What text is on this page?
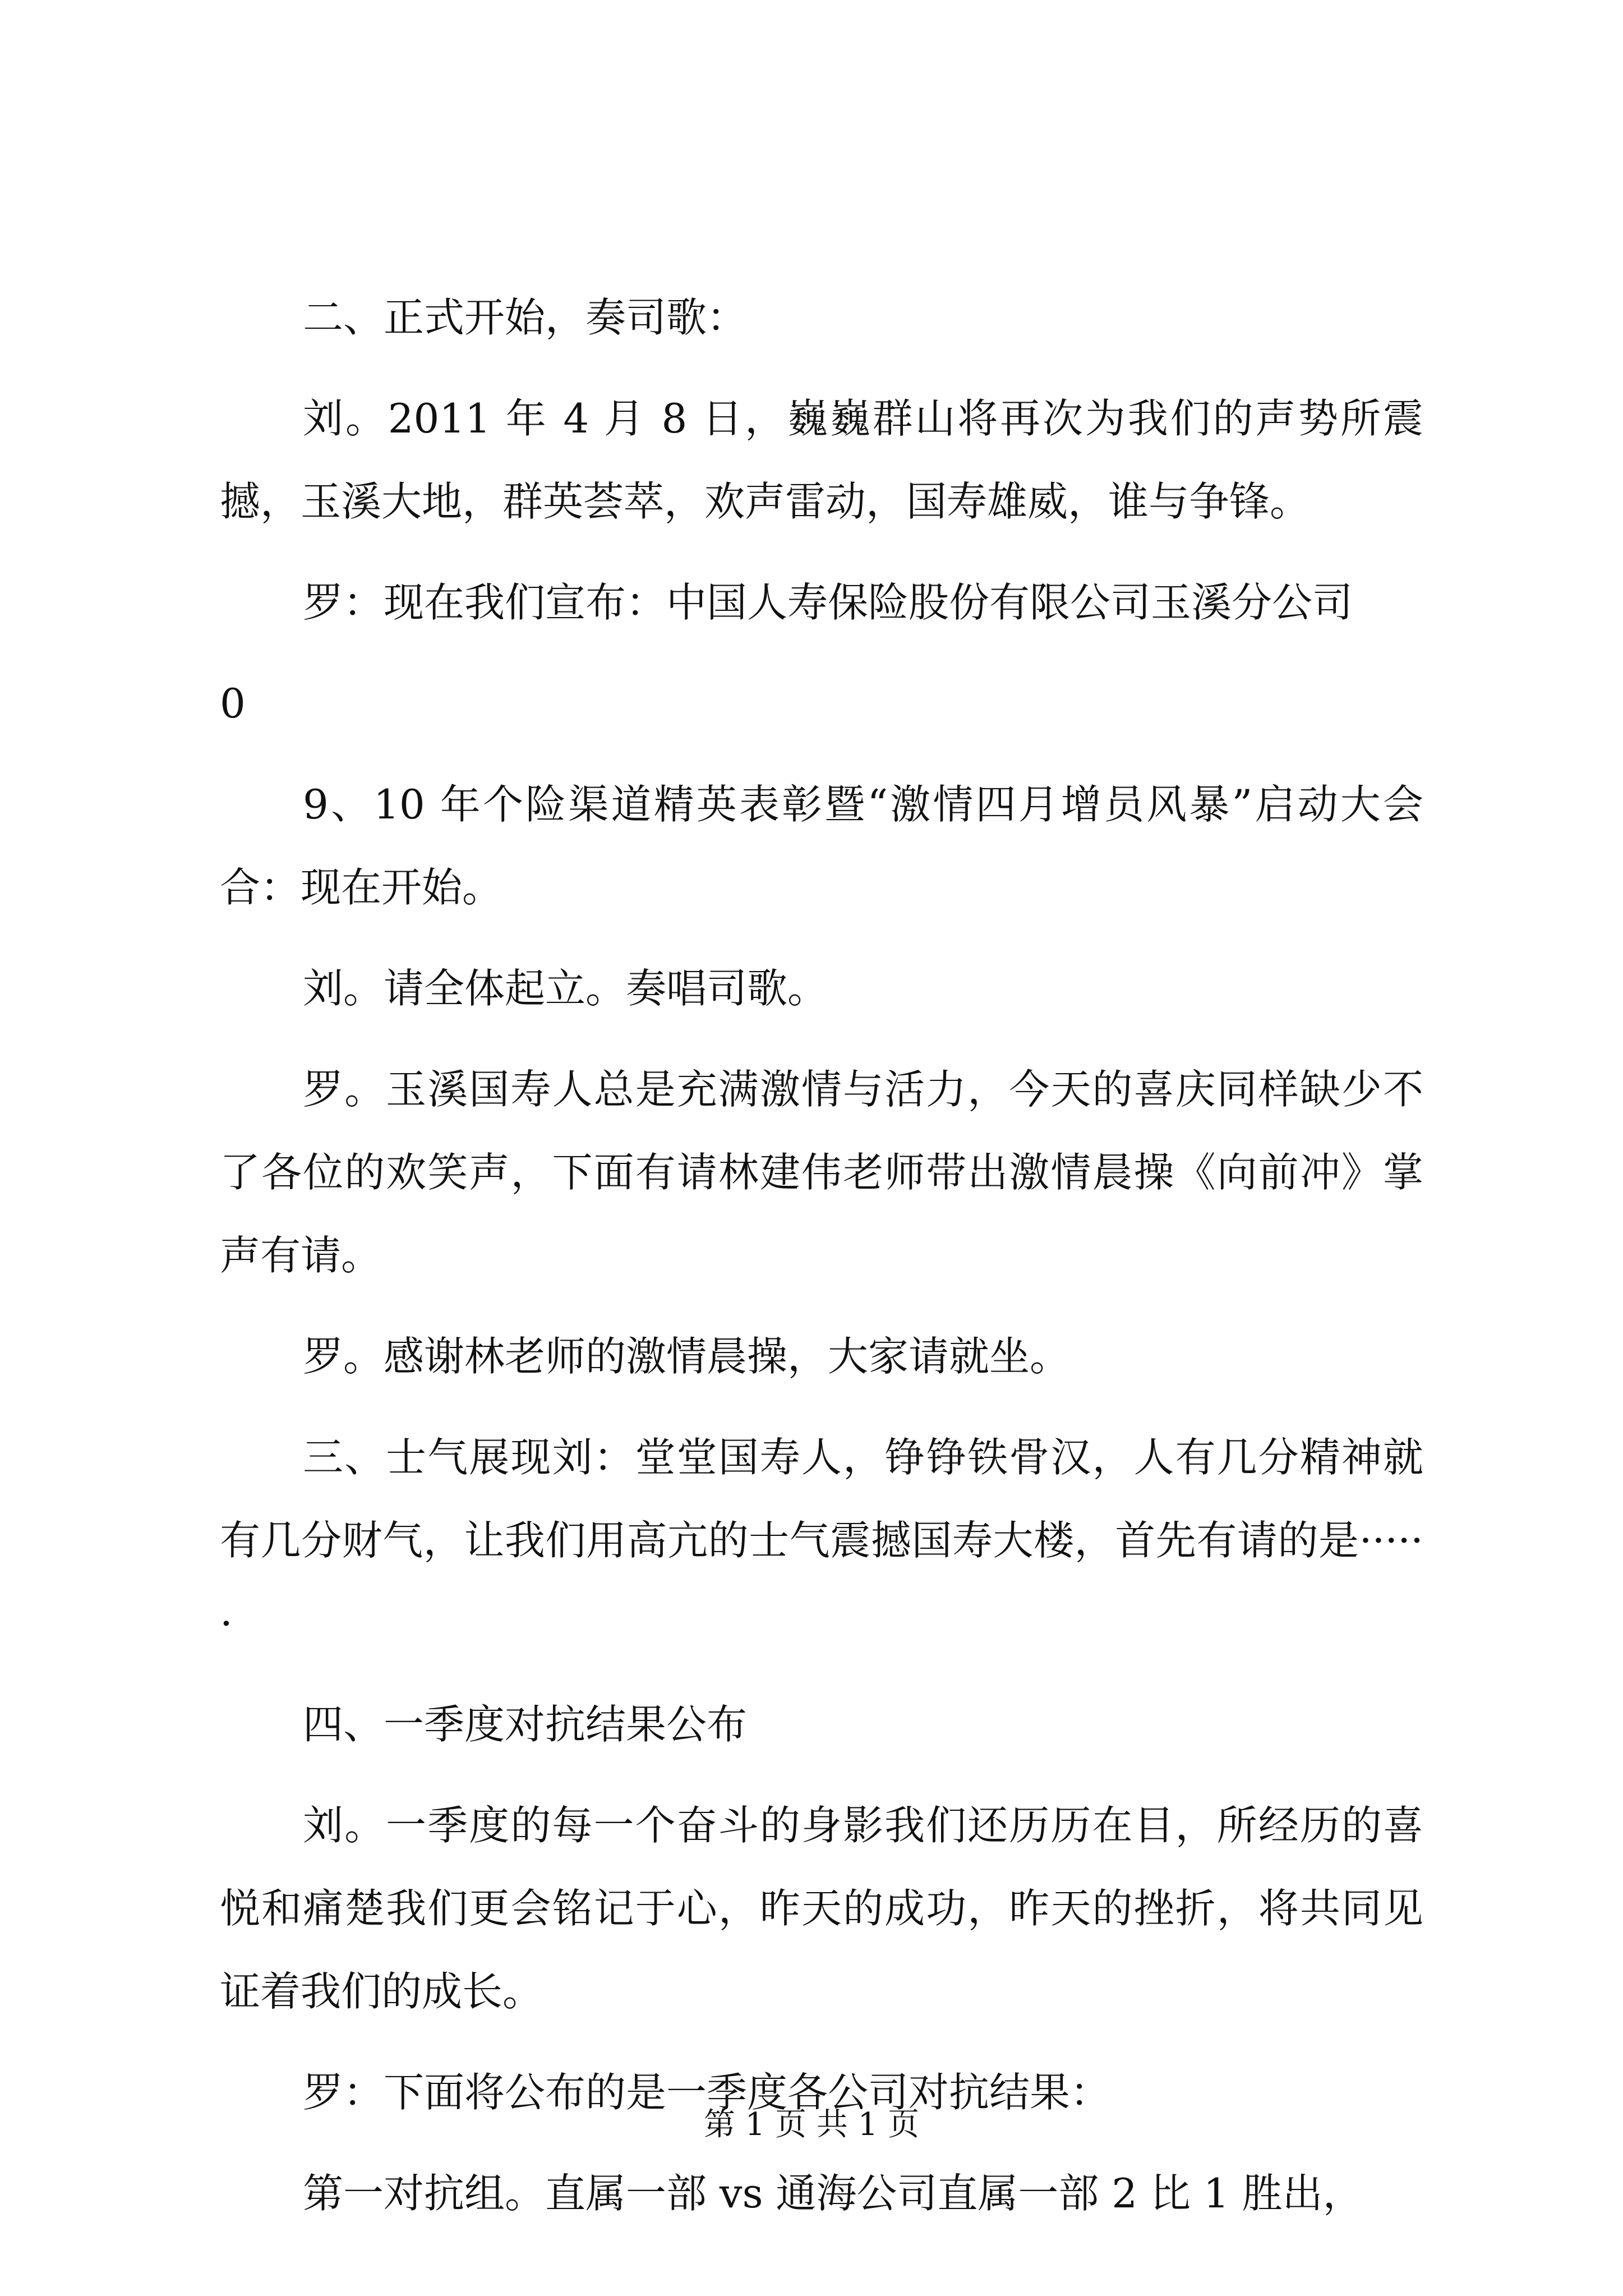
二、正式开始，奏司歌：

刘。2011 年 4 月 8 日，巍巍群山将再次为我们的声势所震撼，玉溪大地，群英荟萃，欢声雷动，国寿雄威，谁与争锋。

罗：现在我们宣布：中国人寿保险股份有限公司玉溪分公司

0

9、10 年个险渠道精英表彰暨“激情四月增员风暴”启动大会合：现在开始。

刘。请全体起立。奏唱司歌。

罗。玉溪国寿人总是充满激情与活力，今天的喜庆同样缺少不了各位的欢笑声，下面有请林建伟老师带出激情晨操《向前冲》掌声有请。

罗。感谢林老师的激情晨操，大家请就坐。

三、士气展现刘：堂堂国寿人，铮铮铁骨汉，人有几分精神就有几分财气，让我们用高亢的士气震撼国寿大楼，首先有请的是······

四、一季度对抗结果公布

刘。一季度的每一个奋斗的身影我们还历历在目，所经历的喜悦和痛楚我们更会铭记于心，昨天的成功，昨天的挫折，将共同见证着我们的成长。

罗：下面将公布的是一季度各公司对抗结果：

第一对抗组。直属一部 vs 通海公司直属一部 2 比 1 胜出，

第 1 页 共 1 页
